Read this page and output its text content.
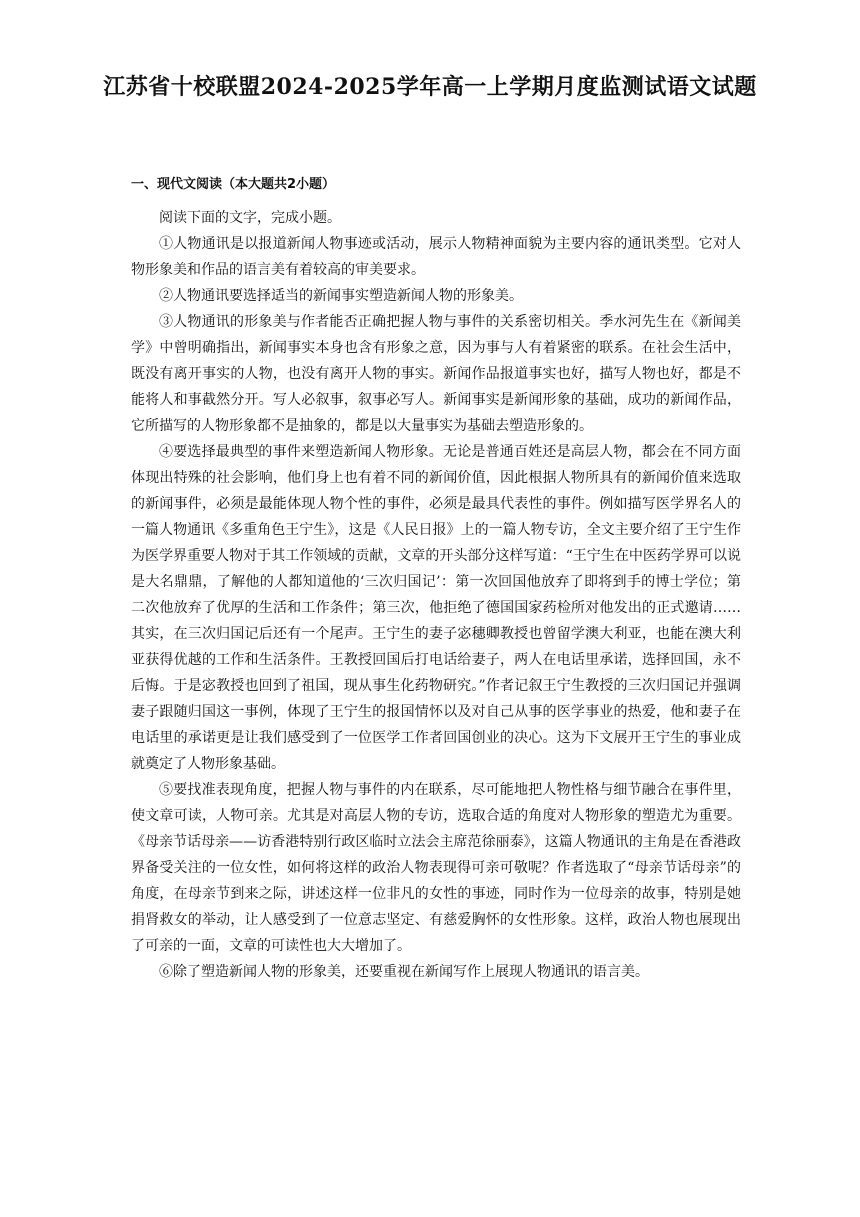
江苏省十校联盟2024-2025学年高一上学期月度监测试语文试题
一、现代文阅读（本大题共2小题）

阅读下面的文字，完成小题。

①人物通讯是以报道新闻人物事迹或活动，展示人物精神面貌为主要内容的通讯类型。它对人物形象美和作品的语言美有着较高的审美要求。

②人物通讯要选择适当的新闻事实塑造新闻人物的形象美。

③人物通讯的形象美与作者能否正确把握人物与事件的关系密切相关。季水河先生在《新闻美学》中曾明确指出，新闻事实本身也含有形象之意，因为事与人有着紧密的联系。在社会生活中，既没有离开事实的人物，也没有离开人物的事实。新闻作品报道事实也好，描写人物也好，都是不能将人和事截然分开。写人必叙事，叙事必写人。新闻事实是新闻形象的基础，成功的新闻作品，它所描写的人物形象都不是抽象的，都是以大量事实为基础去塑造形象的。

④要选择最典型的事件来塑造新闻人物形象。无论是普通百姓还是高层人物，都会在不同方面体现出特殊的社会影响，他们身上也有着不同的新闻价值，因此根据人物所具有的新闻价值来选取的新闻事件，必须是最能体现人物个性的事件，必须是最具代表性的事件。例如描写医学界名人的一篇人物通讯《多重角色王宁生》，这是《人民日报》上的一篇人物专访，全文主要介绍了王宁生作为医学界重要人物对于其工作领域的贡献，文章的开头部分这样写道：“王宁生在中医药学界可以说是大名鼎鼎，了解他的人都知道他的‘三次归国记’：第一次回国他放弃了即将到手的博士学位；第二次他放弃了优厚的生活和工作条件；第三次，他拒绝了德国国家药检所对他发出的正式邀请……其实，在三次归国记后还有一个尾声。王宁生的妻子宓穗卿教授也曾留学澳大利亚，也能在澳大利亚获得优越的工作和生活条件。王教授回国后打电话给妻子，两人在电话里承诺，选择回国，永不后悔。于是宓教授也回到了祖国，现从事生化药物研究。”作者记叙王宁生教授的三次归国记并强调妻子跟随归国这一事例，体现了王宁生的报国情怀以及对自己从事的医学事业的热爱，他和妻子在电话里的承诺更是让我们感受到了一位医学工作者回国创业的决心。这为下文展开王宁生的事业成就奠定了人物形象基础。

⑤要找准表现角度，把握人物与事件的内在联系，尽可能地把人物性格与细节融合在事件里，使文章可读，人物可亲。尤其是对高层人物的专访，选取合适的角度对人物形象的塑造尤为重要。《母亲节话母亲——访香港特别行政区临时立法会主席范徐丽泰》，这篇人物通讯的主角是在香港政界备受关注的一位女性，如何将这样的政治人物表现得可亲可敬呢？作者选取了“母亲节话母亲”的角度，在母亲节到来之际，讲述这样一位非凡的女性的事迹，同时作为一位母亲的故事，特别是她捐肾救女的举动，让人感受到了一位意志坚定、有慈爱胸怀的女性形象。这样，政治人物也展现出了可亲的一面，文章的可读性也大大增加了。

⑥除了塑造新闻人物的形象美，还要重视在新闻写作上展现人物通讯的语言美。
